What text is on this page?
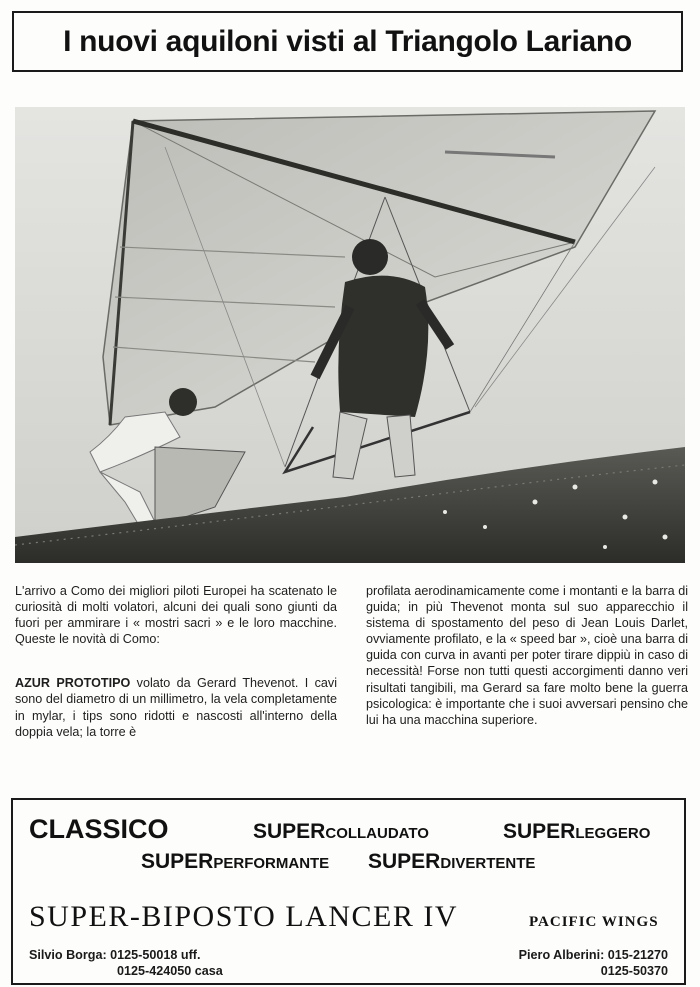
I nuovi aquiloni visti al Triangolo Lariano

L'arrivo a Como dei migliori piloti Europei ha scatenato le curiosità di molti volatori, alcuni dei quali sono giunti da fuori per ammirare i « mostri sacri » e le loro macchine. Queste le novità di Como:

AZUR PROTOTIPO volato da Gerard Thevenot. I cavi sono del diametro di un millimetro, la vela completamente in mylar, i tips sono ridotti e nascosti all'interno della doppia vela; la torre è

profilata aerodinamicamente come i montanti e la barra di guida; in più Thevenot monta sul suo apparecchio il sistema di spostamento del peso di Jean Louis Darlet, ovviamente profilato, e la « speed bar », cioè una barra di guida con curva in avanti per poter tirare dippiù in caso di necessità! Forse non tutti questi accorgimenti danno veri risultati tangibili, ma Gerard sa fare molto bene la guerra psicologica: è importante che i suoi avversari pensino che lui ha una macchina superiore.

CLASSICO	SUPERCOLLAUDATO	SUPERLEGGERO
SUPERPERFORMANTE SUPERDIVERTENTE
SUPER-BIPOSTO LANCER IV	PACIFIC WINGS
Silvio Borga: 0125-50018 uff.
0125-424050 casa
Piero Alberini: 015-21270
0125-50370
